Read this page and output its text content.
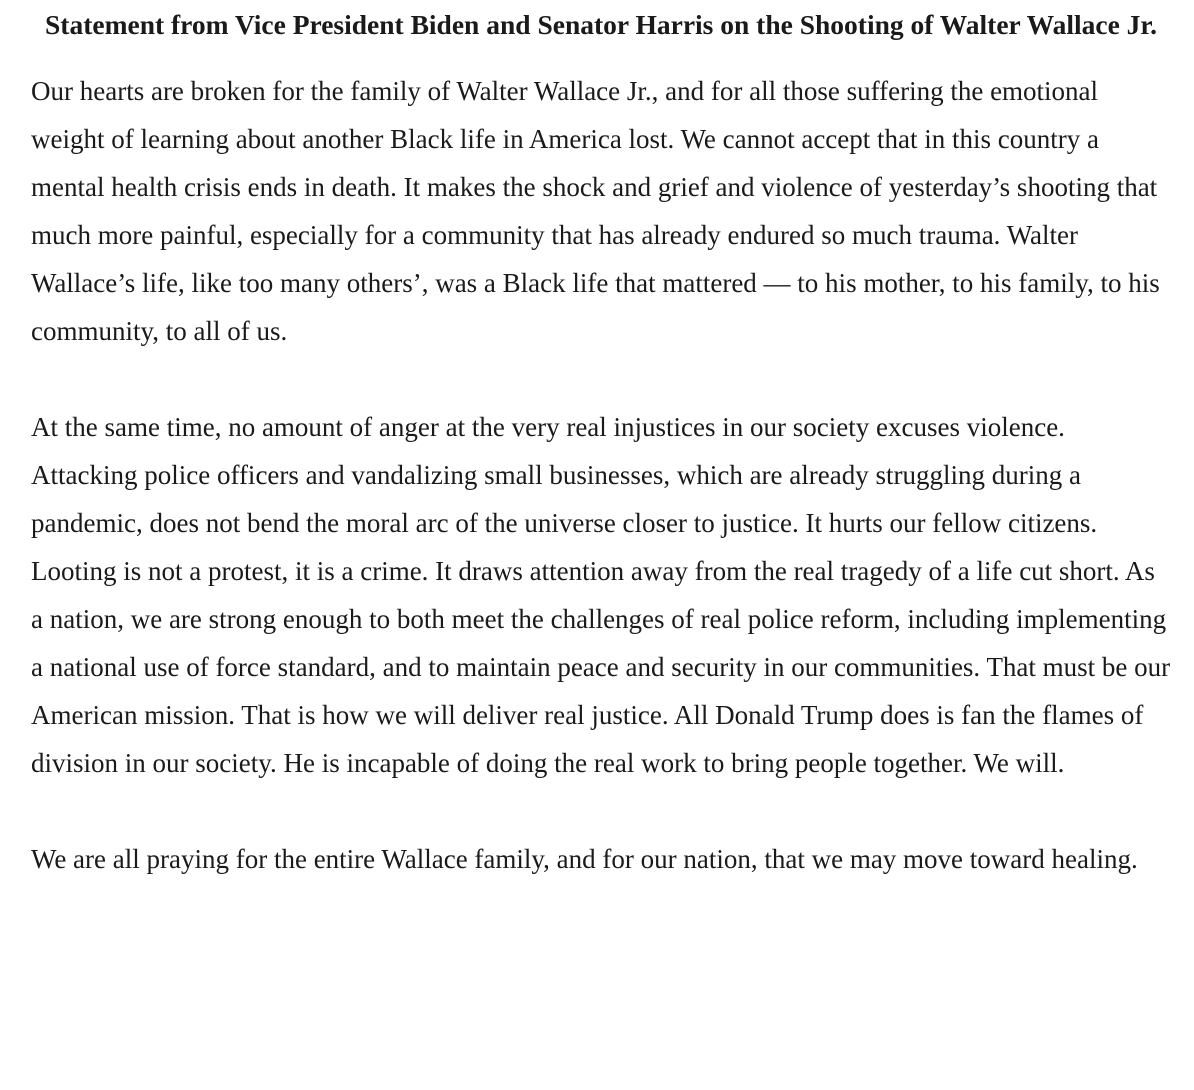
Statement from Vice President Biden and Senator Harris on the Shooting of Walter Wallace Jr.

Our hearts are broken for the family of Walter Wallace Jr., and for all those suffering the emotional weight of learning about another Black life in America lost. We cannot accept that in this country a mental health crisis ends in death. It makes the shock and grief and violence of yesterday’s shooting that much more painful, especially for a community that has already endured so much trauma. Walter Wallace’s life, like too many others’, was a Black life that mattered — to his mother, to his family, to his community, to all of us.

At the same time, no amount of anger at the very real injustices in our society excuses violence. Attacking police officers and vandalizing small businesses, which are already struggling during a pandemic, does not bend the moral arc of the universe closer to justice. It hurts our fellow citizens. Looting is not a protest, it is a crime. It draws attention away from the real tragedy of a life cut short. As a nation, we are strong enough to both meet the challenges of real police reform, including implementing a national use of force standard, and to maintain peace and security in our communities. That must be our American mission. That is how we will deliver real justice. All Donald Trump does is fan the flames of division in our society. He is incapable of doing the real work to bring people together. We will.

We are all praying for the entire Wallace family, and for our nation, that we may move toward healing.
